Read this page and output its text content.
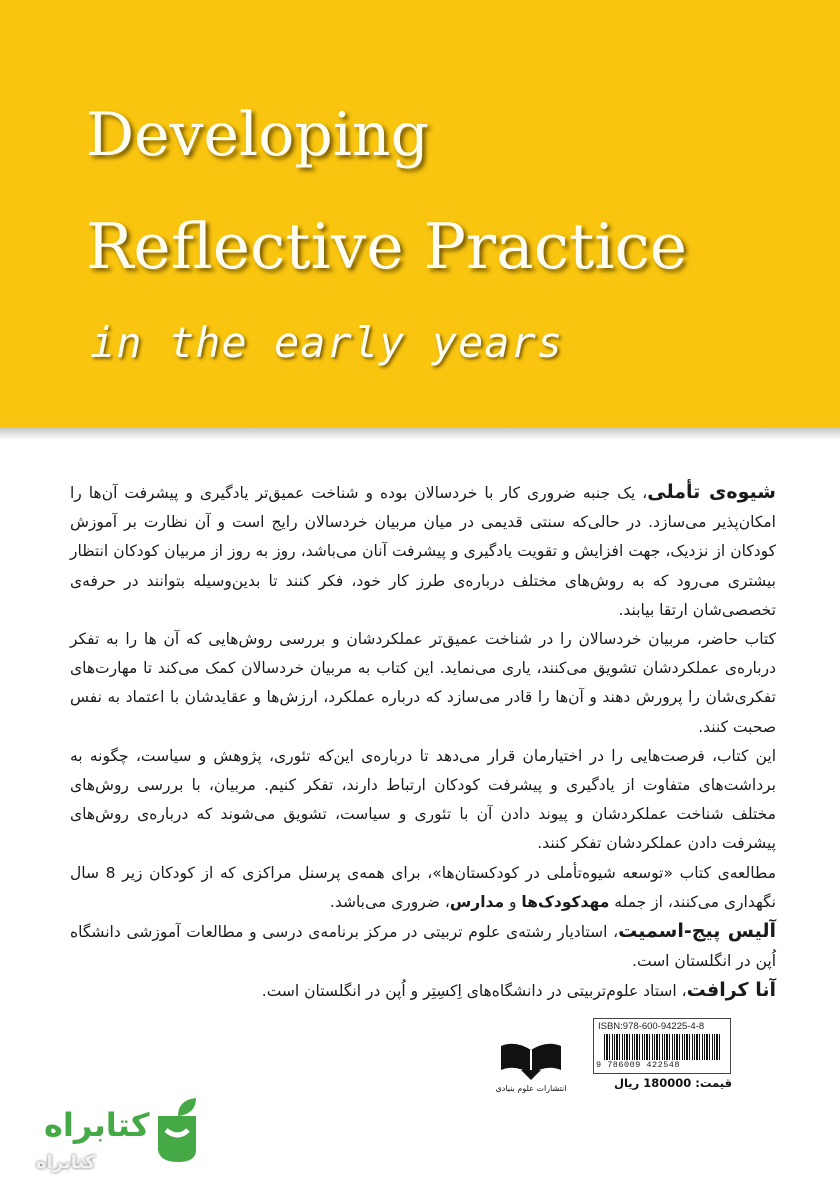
Developing
Reflective Practice
in the early years

شیوه‌ی تأملی، یک جنبه ضروری کار با خردسالان بوده و شناخت عمیق‌تر یادگیری و پیشرفت آن‌ها را امکان‌پذیر می‌سازد. در حالی‌که سنتی قدیمی در میان مربیان خردسالان رایج است و آن نظارت بر آموزش کودکان از نزدیک، جهت افزایش و تقویت یادگیری و پیشرفت آنان می‌باشد، روز به روز از مربیان کودکان انتظار بیشتری می‌رود که به روش‌های مختلف درباره‌ی طرز کار خود، فکر کنند تا بدین‌وسیله بتوانند در حرفه‌ی تخصصی‌شان ارتقا بیابند.

کتاب حاضر، مربیان خردسالان را در شناخت عمیق‌تر عملکردشان و بررسی روش‌هایی که آن ها را به تفکر درباره‌ی عملکردشان تشویق می‌کنند، یاری می‌نماید. این کتاب به مربیان خردسالان کمک می‌کند تا مهارت‌های تفکری‌شان را پرورش دهند و آن‌ها را قادر می‌سازد که درباره عملکرد، ارزش‌ها و عقایدشان با اعتماد به نفس صحبت کنند.

این کتاب، فرصت‌هایی را در اختیارمان قرار می‌دهد تا درباره‌ی این‌که تئوری، پژوهش و سیاست، چگونه به برداشت‌های متفاوت از یادگیری و پیشرفت کودکان ارتباط دارند، تفکر کنیم. مربیان، با بررسی روش‌های مختلف شناخت عملکردشان و پیوند دادن آن با تئوری و سیاست، تشویق می‌شوند که درباره‌ی روش‌های پیشرفت دادن عملکردشان تفکر کنند.

مطالعه‌ی کتاب «توسعه شیوه‌تأملی در کودکستان‌ها»، برای همه‌ی پرسنل مراکزی که از کودکان زیر 8 سال نگهداری می‌کنند، از جمله مهدکودک‌ها و مدارس، ضروری می‌باشد.

آلیس پیج-اسمیت، استادیار رشته‌ی علوم تربیتی در مرکز برنامه‌ی درسی و مطالعات آموزشی دانشگاه اُپن در انگلستان است.

آنا کرافت، استاد علوم‌تربیتی در دانشگاه‌های اِکسِتِر و اُپن در انگلستان است.

انتشارات علوم بنیادی
ISBN:978-600-94225-4-8
9 786009 422548
قیمت: 180000 ریال
کتابراه
کتابراه
